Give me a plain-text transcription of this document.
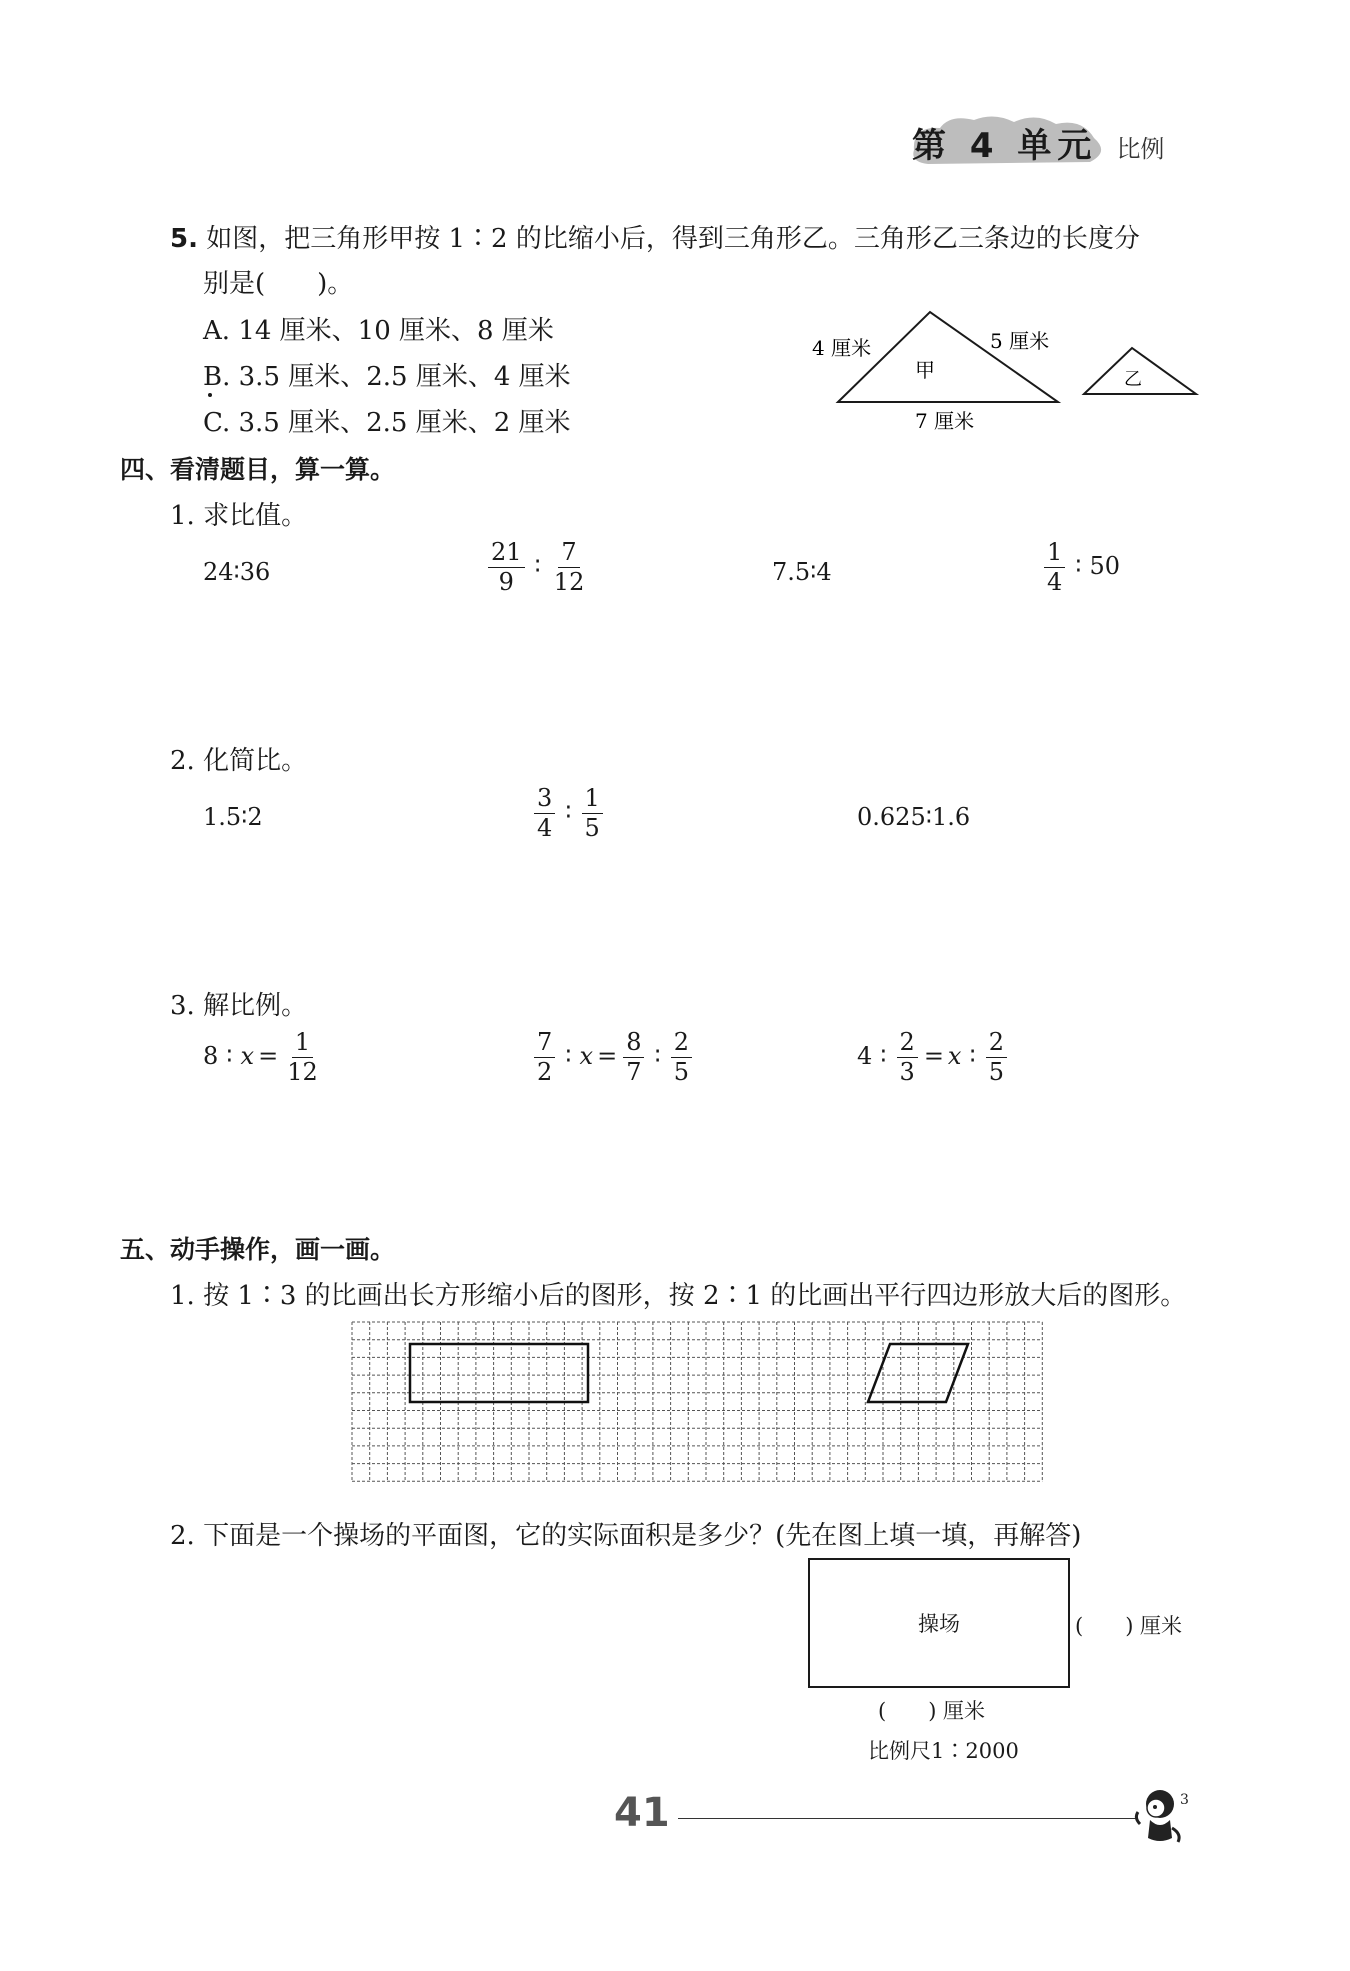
第 4 单元 比例
5. 如图，把三角形甲按 1∶2 的比缩小后，得到三角形乙。三角形乙三条边的长度分
别是(　　)。
A. 14 厘米、10 厘米、8 厘米
B. 3.5 厘米、2.5 厘米、4 厘米
C. 3.5 厘米、2.5 厘米、2 厘米
4 厘米	5 厘米
甲
7 厘米
乙
四、看清题目，算一算。
1. 求比值。
24∶36	$\frac{21}{9}$ ∶ $\frac{7}{12}$	7.5∶4	$\frac{1}{4}$ ∶ 50
2. 化简比。
1.5∶2	$\frac{3}{4}$ ∶ $\frac{1}{5}$	0.625∶1.6
3. 解比例。
8 ∶ $x = \frac{1}{12}$	$\frac{7}{2}$ ∶ $x = \frac{8}{7}$ ∶ $\frac{2}{5}$	4 ∶ $\frac{2}{3} = x$ ∶ $\frac{2}{5}$
五、动手操作，画一画。
1. 按 1∶3 的比画出长方形缩小后的图形，按 2∶1 的比画出平行四边形放大后的图形。
2. 下面是一个操场的平面图，它的实际面积是多少？(先在图上填一填，再解答)
操场	(　　) 厘米
(　　) 厘米
比例尺1∶2000
41	3
